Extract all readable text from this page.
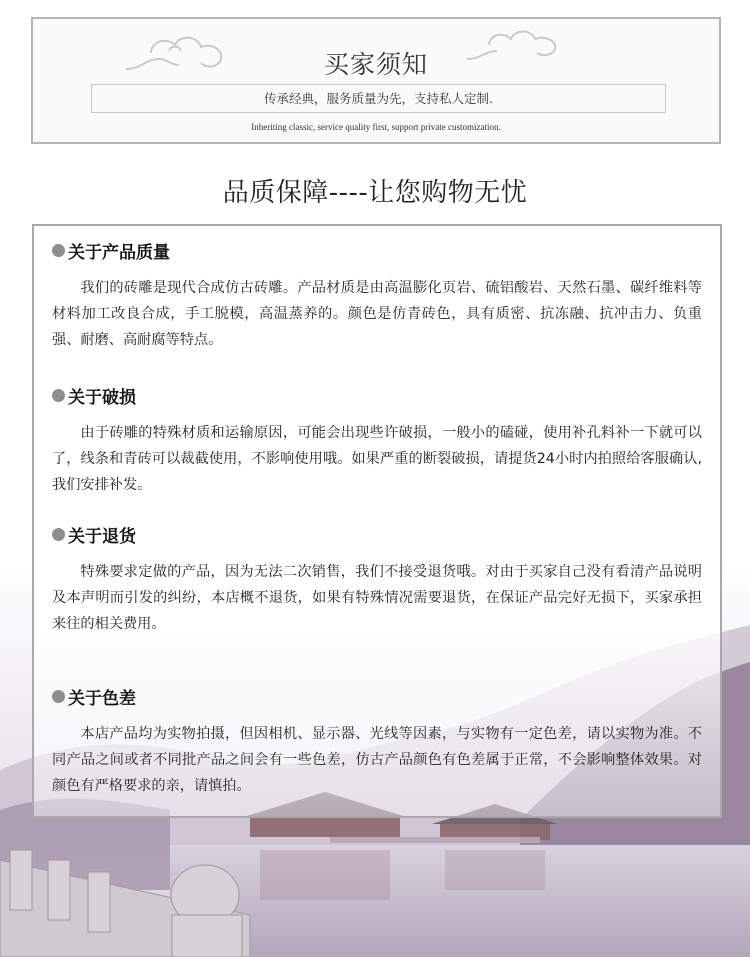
买家须知
传承经典，服务质量为先，支持私人定制.
Inheriting classic, service quality first, support private customization.
品质保障----让您购物无忧
关于产品质量
我们的砖雕是现代合成仿古砖雕。产品材质是由高温膨化页岩、硫铝酸岩、天然石墨、碳纤维料等材料加工改良合成，手工脱模，高温蒸养的。颜色是仿青砖色，具有质密、抗冻融、抗冲击力、负重强、耐磨、高耐腐等特点。
关于破损
由于砖雕的特殊材质和运输原因，可能会出现些许破损，一般小的磕碰，使用补孔料补一下就可以了，线条和青砖可以裁截使用，不影响使用哦。如果严重的断裂破损，请提货24小时内拍照给客服确认,我们安排补发。
关于退货
特殊要求定做的产品，因为无法二次销售，我们不接受退货哦。对由于买家自己没有看清产品说明及本声明而引发的纠纷，本店概不退货，如果有特殊情况需要退货，在保证产品完好无损下，买家承担来往的相关费用。
关于色差
本店产品均为实物拍摄，但因相机、显示器、光线等因素，与实物有一定色差，请以实物为准。不同产品之间或者不同批产品之间会有一些色差，仿古产品颜色有色差属于正常，不会影响整体效果。对颜色有严格要求的亲，请慎拍。
